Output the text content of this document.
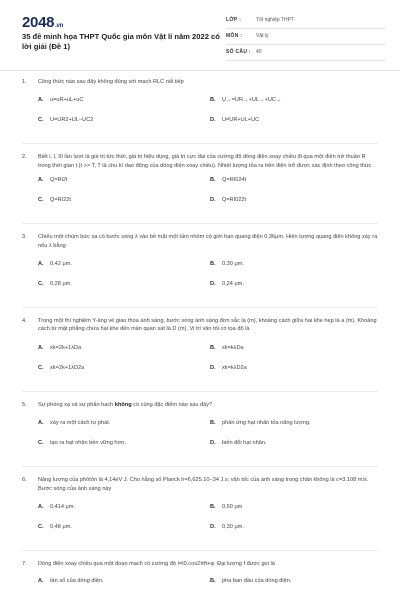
2048.vn
35 đề minh họa THPT Quốc gia môn Vật lí năm 2022 có lời giải (Đề 1)
LỚP :	Tốt nghiệp THPT
MÔN :	Vật lý
SỐ CÂU : 40
1. Công thức nào sau đây không đúng với mạch RLC nối tiếp
A. u=uR+uL+uC	B. U→=UR→+UL→+UC→
C. U=UR2+UL−UC2	D. U=UR+UL+UC
2. Biết i, I, I0 lần lượt là giá trị tức thời, giá trị hiệu dụng, giá trị cực đại của cường độ dòng điện xoay chiều đi qua một điện trở thuần R trong thời gian t (t >> T, T là chu kì dao động của dòng điện xoay chiều). Nhiệt lượng tỏa ra trên điện trở được xác định theo công thức
A. Q=Ri2t	B. Q=RI024t
C. Q=RI22t	D. Q=RI022t
3. Chiếu một chùm bức xạ có bước sóng λ vào bề mặt một tấm nhôm có giới hạn quang điện 0,36μm. Hiện tượng quang điện không xảy ra nếu λ bằng
A. 0,42 μm.	B. 0,30 μm.
C. 0,28 μm.	D. 0,24 μm.
4. Trong một thí nghiệm Y-âng về giao thoa ánh sáng, bước sóng ánh sáng đơn sắc là (m), khoảng cách giữa hai khe hẹp là a (m). Khoảng cách từ mặt phẳng chứa hai khe đến màn quan sát là D (m). Vị trí vân tối có tọa độ là
A. xk=2k+1λDa	B. xk=kλDa
C. xk=2k+1λD2a	D. xk=kλD2a
5. Sự phóng xạ và sự phân hạch không có cùng đặc điểm nào sau đây?
A. xảy ra một cách tự phát.	B. phản ứng hạt nhân tỏa năng lượng.
C. tạo ra hạt nhân bền vững hơn.	D. biến đổi hạt nhân.
6. Năng lượng của phôtôn là 4,14eV J. Cho hằng số Planck h=6,625.10−34 J.s; vận tốc của ánh sáng trong chân không là c=3.108 m/s. Bước sóng của ánh sáng này
A. 0,414 μm.	B. 0,60 μm
C. 0,48 μm.	D. 0,30 μm.
7. Dòng điện xoay chiều qua một đoạn mạch có cường độ i=I0.cos2πft+φ. Đại lượng f được gọi là
A. tần số của dòng điện.	B. pha ban đầu của dòng điện.
